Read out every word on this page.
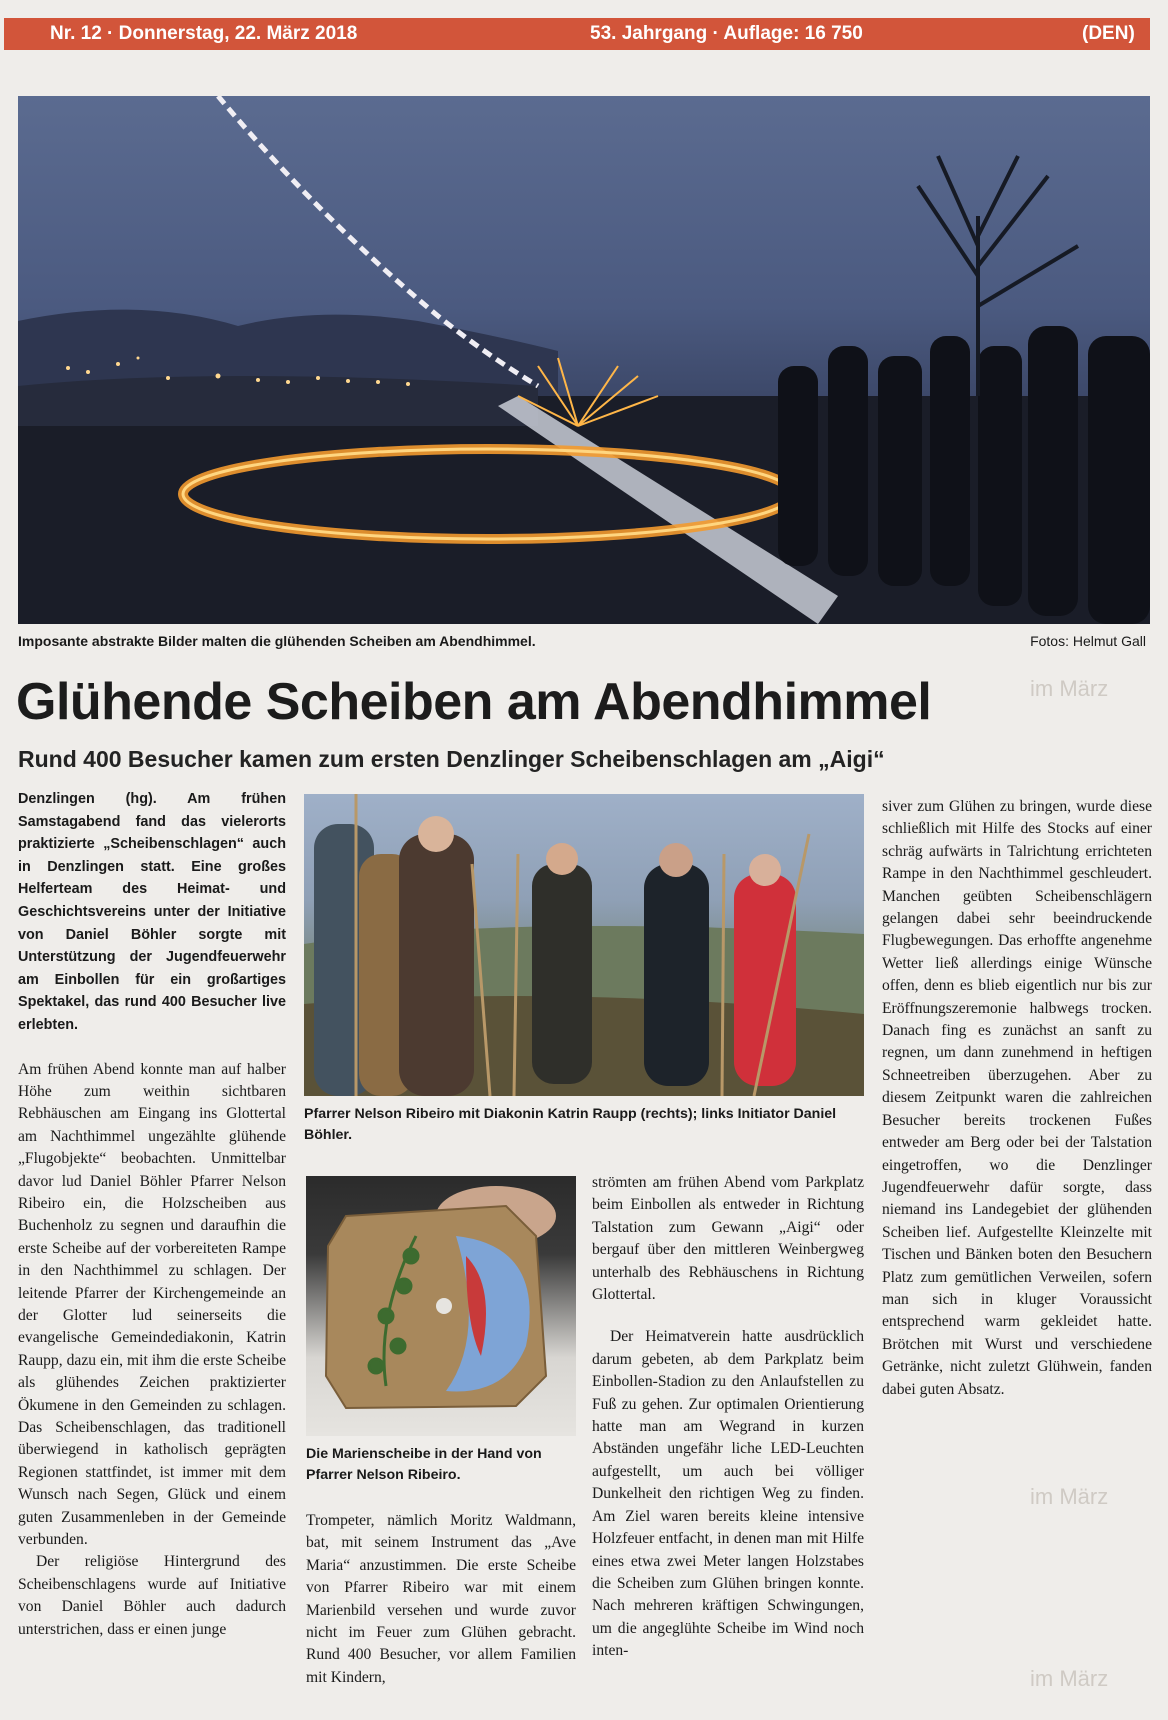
Nr. 12 · Donnerstag, 22. März 2018	53. Jahrgang · Auflage: 16 750	(DEN)
im März
im März
im März
Imposante abstrakte Bilder malten die glühenden Scheiben am Abendhimmel.	Fotos: Helmut Gall
Glühende Scheiben am Abendhimmel
Rund 400 Besucher kamen zum ersten Denzlinger Scheibenschlagen am „Aigi“

Denzlingen (hg). Am frühen Samstagabend fand das vielerorts praktizierte „Scheibenschlagen“ auch in Denzlingen statt. Eine großes Helferteam des Heimat- und Geschichtsvereins unter der Initiative von Daniel Böhler sorgte mit Unterstützung der Jugendfeuerwehr am Einbollen für ein großartiges Spektakel, das rund 400 Besucher live erlebten.

Am frühen Abend konnte man auf halber Höhe zum weithin sichtbaren Rebhäuschen am Eingang ins Glottertal am Nachthimmel ungezählte glühende „Flugobjekte“ beobachten. Unmittelbar davor lud Daniel Böhler Pfarrer Nelson Ribeiro ein, die Holzscheiben aus Buchenholz zu segnen und daraufhin die erste Scheibe auf der vorbereiteten Rampe in den Nachthimmel zu schlagen. Der leitende Pfarrer der Kirchengemeinde an der Glotter lud seinerseits die evangelische Gemeindediakonin, Katrin Raupp, dazu ein, mit ihm die erste Scheibe als glühendes Zeichen praktizierter Ökumene in den Gemeinden zu schlagen. Das Scheibenschlagen, das traditionell überwiegend in katholisch geprägten Regionen stattfindet, ist immer mit dem Wunsch nach Segen, Glück und einem guten Zusammenleben in der Gemeinde verbunden.

Der religiöse Hintergrund des Scheibenschlagens wurde auf Initiative von Daniel Böhler auch dadurch unterstrichen, dass er einen junge

Pfarrer Nelson Ribeiro mit Diakonin Katrin Raupp (rechts); links Initiator Daniel Böhler.
Die Marienscheibe in der Hand von Pfarrer Nelson Ribeiro.

Trompeter, nämlich Moritz Waldmann, bat, mit seinem Instrument das „Ave Maria“ anzustimmen. Die erste Scheibe von Pfarrer Ribeiro war mit einem Marienbild versehen und wurde zuvor nicht im Feuer zum Glühen gebracht. Rund 400 Besucher, vor allem Familien mit Kindern,

strömten am frühen Abend vom Parkplatz beim Einbollen als entweder in Richtung Talstation zum Gewann „Aigi“ oder bergauf über den mittleren Weinbergweg unterhalb des Rebhäuschens in Richtung Glottertal.

Der Heimatverein hatte ausdrücklich darum gebeten, ab dem Parkplatz beim Einbollen-Stadion zu den Anlaufstellen zu Fuß zu gehen. Zur optimalen Orientierung hatte man am Wegrand in kurzen Abständen ungefähr liche LED-Leuchten aufgestellt, um auch bei völliger Dunkelheit den richtigen Weg zu finden. Am Ziel waren bereits kleine intensive Holzfeuer entfacht, in denen man mit Hilfe eines etwa zwei Meter langen Holzstabes die Scheiben zum Glühen bringen konnte. Nach mehreren kräftigen Schwingungen, um die angeglühte Scheibe im Wind noch inten-

siver zum Glühen zu bringen, wurde diese schließlich mit Hilfe des Stocks auf einer schräg aufwärts in Talrichtung errichteten Rampe in den Nachthimmel geschleudert. Manchen geübten Scheibenschlägern gelangen dabei sehr beeindruckende Flugbewegungen. Das erhoffte angenehme Wetter ließ allerdings einige Wünsche offen, denn es blieb eigentlich nur bis zur Eröffnungszeremonie halbwegs trocken. Danach fing es zunächst an sanft zu regnen, um dann zunehmend in heftigen Schneetreiben überzugehen. Aber zu diesem Zeitpunkt waren die zahlreichen Besucher bereits trockenen Fußes entweder am Berg oder bei der Talstation eingetroffen, wo die Denzlinger Jugendfeuerwehr dafür sorgte, dass niemand ins Landegebiet der glühenden Scheiben lief. Aufgestellte Kleinzelte mit Tischen und Bänken boten den Besuchern Platz zum gemütlichen Verweilen, sofern man sich in kluger Voraussicht entsprechend warm gekleidet hatte. Brötchen mit Wurst und verschiedene Getränke, nicht zuletzt Glühwein, fanden dabei guten Absatz.
